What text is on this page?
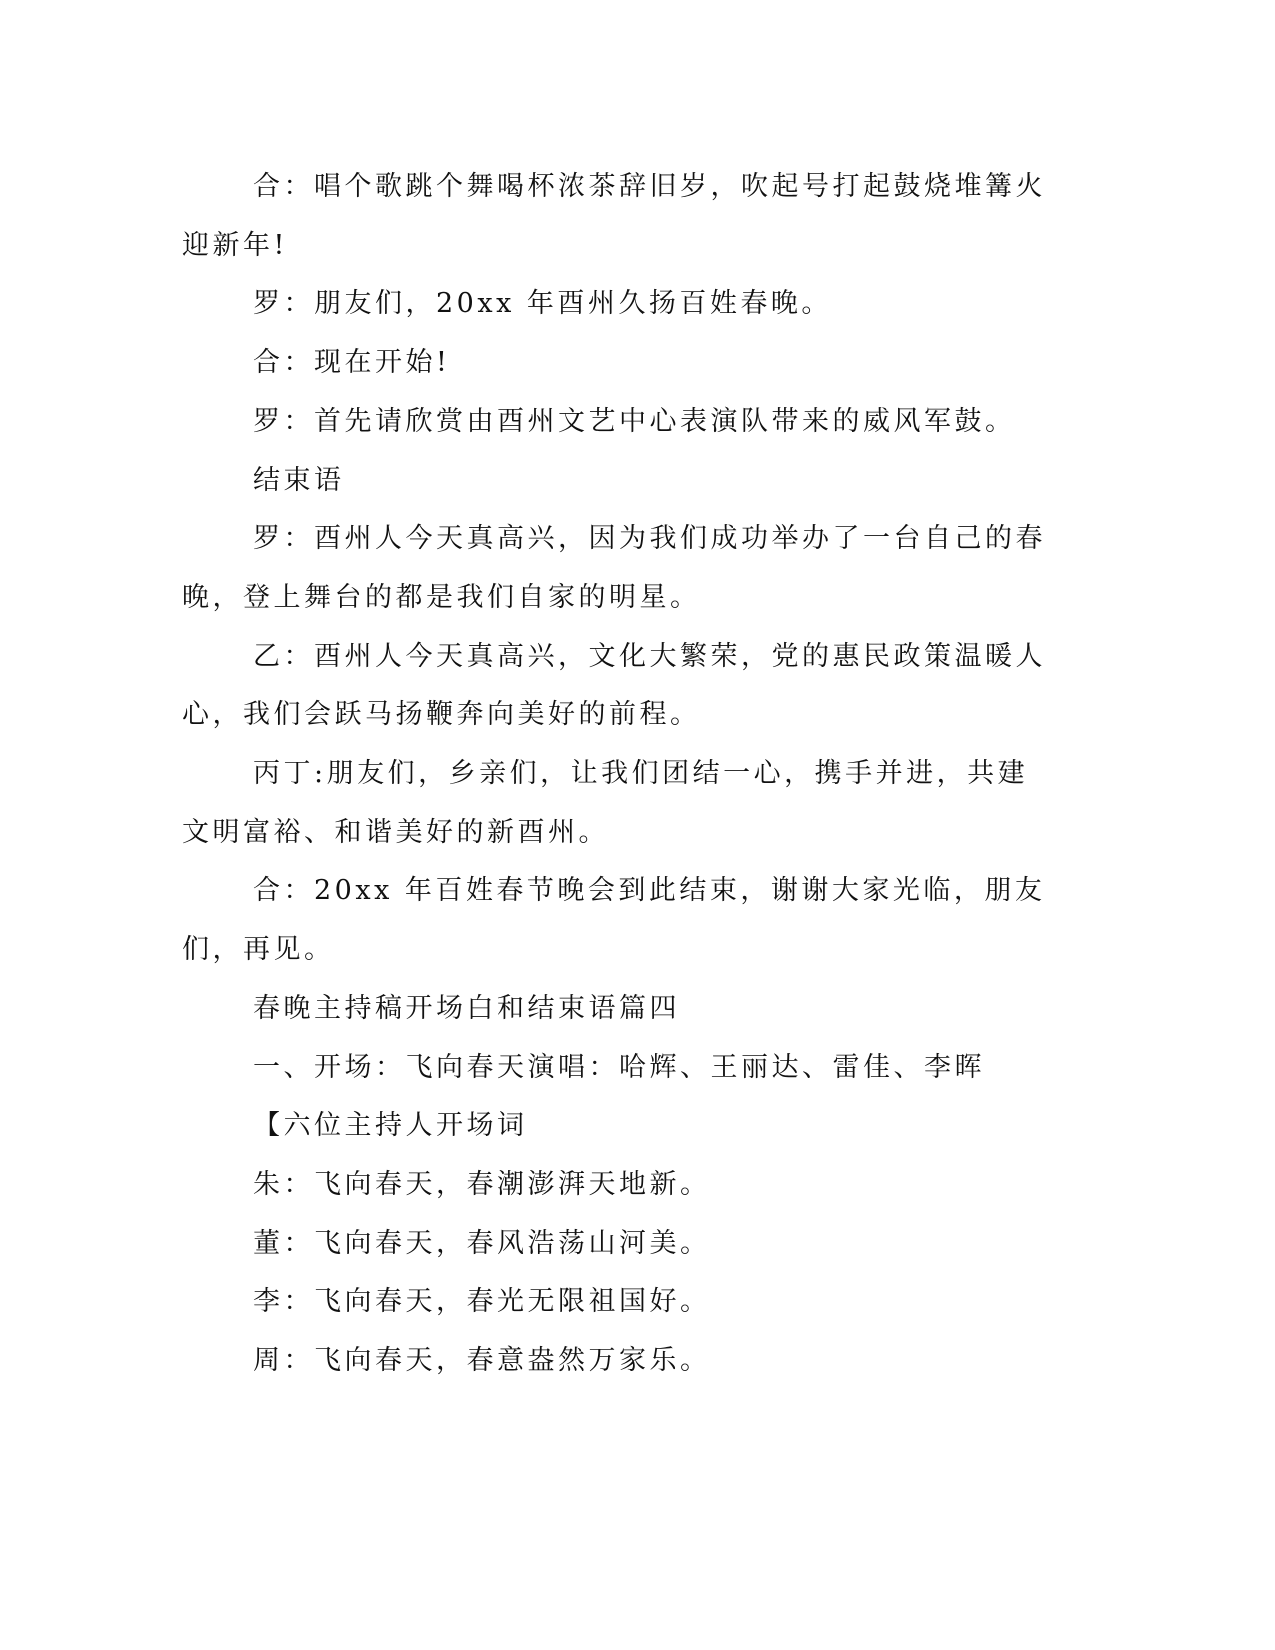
合：唱个歌跳个舞喝杯浓茶辞旧岁，吹起号打起鼓烧堆篝火迎新年!

罗：朋友们，20xx 年酉州久扬百姓春晚。

合：现在开始!

罗：首先请欣赏由酉州文艺中心表演队带来的威风军鼓。

结束语

罗：酉州人今天真高兴，因为我们成功举办了一台自己的春晚，登上舞台的都是我们自家的明星。

乙：酉州人今天真高兴，文化大繁荣，党的惠民政策温暖人心，我们会跃马扬鞭奔向美好的前程。

丙丁:朋友们，乡亲们，让我们团结一心，携手并进，共建文明富裕、和谐美好的新酉州。

合：20xx 年百姓春节晚会到此结束，谢谢大家光临，朋友们，再见。

春晚主持稿开场白和结束语篇四

一、开场：飞向春天演唱：哈辉、王丽达、雷佳、李晖

【六位主持人开场词

朱：飞向春天，春潮澎湃天地新。

董：飞向春天，春风浩荡山河美。

李：飞向春天，春光无限祖国好。

周：飞向春天，春意盎然万家乐。
